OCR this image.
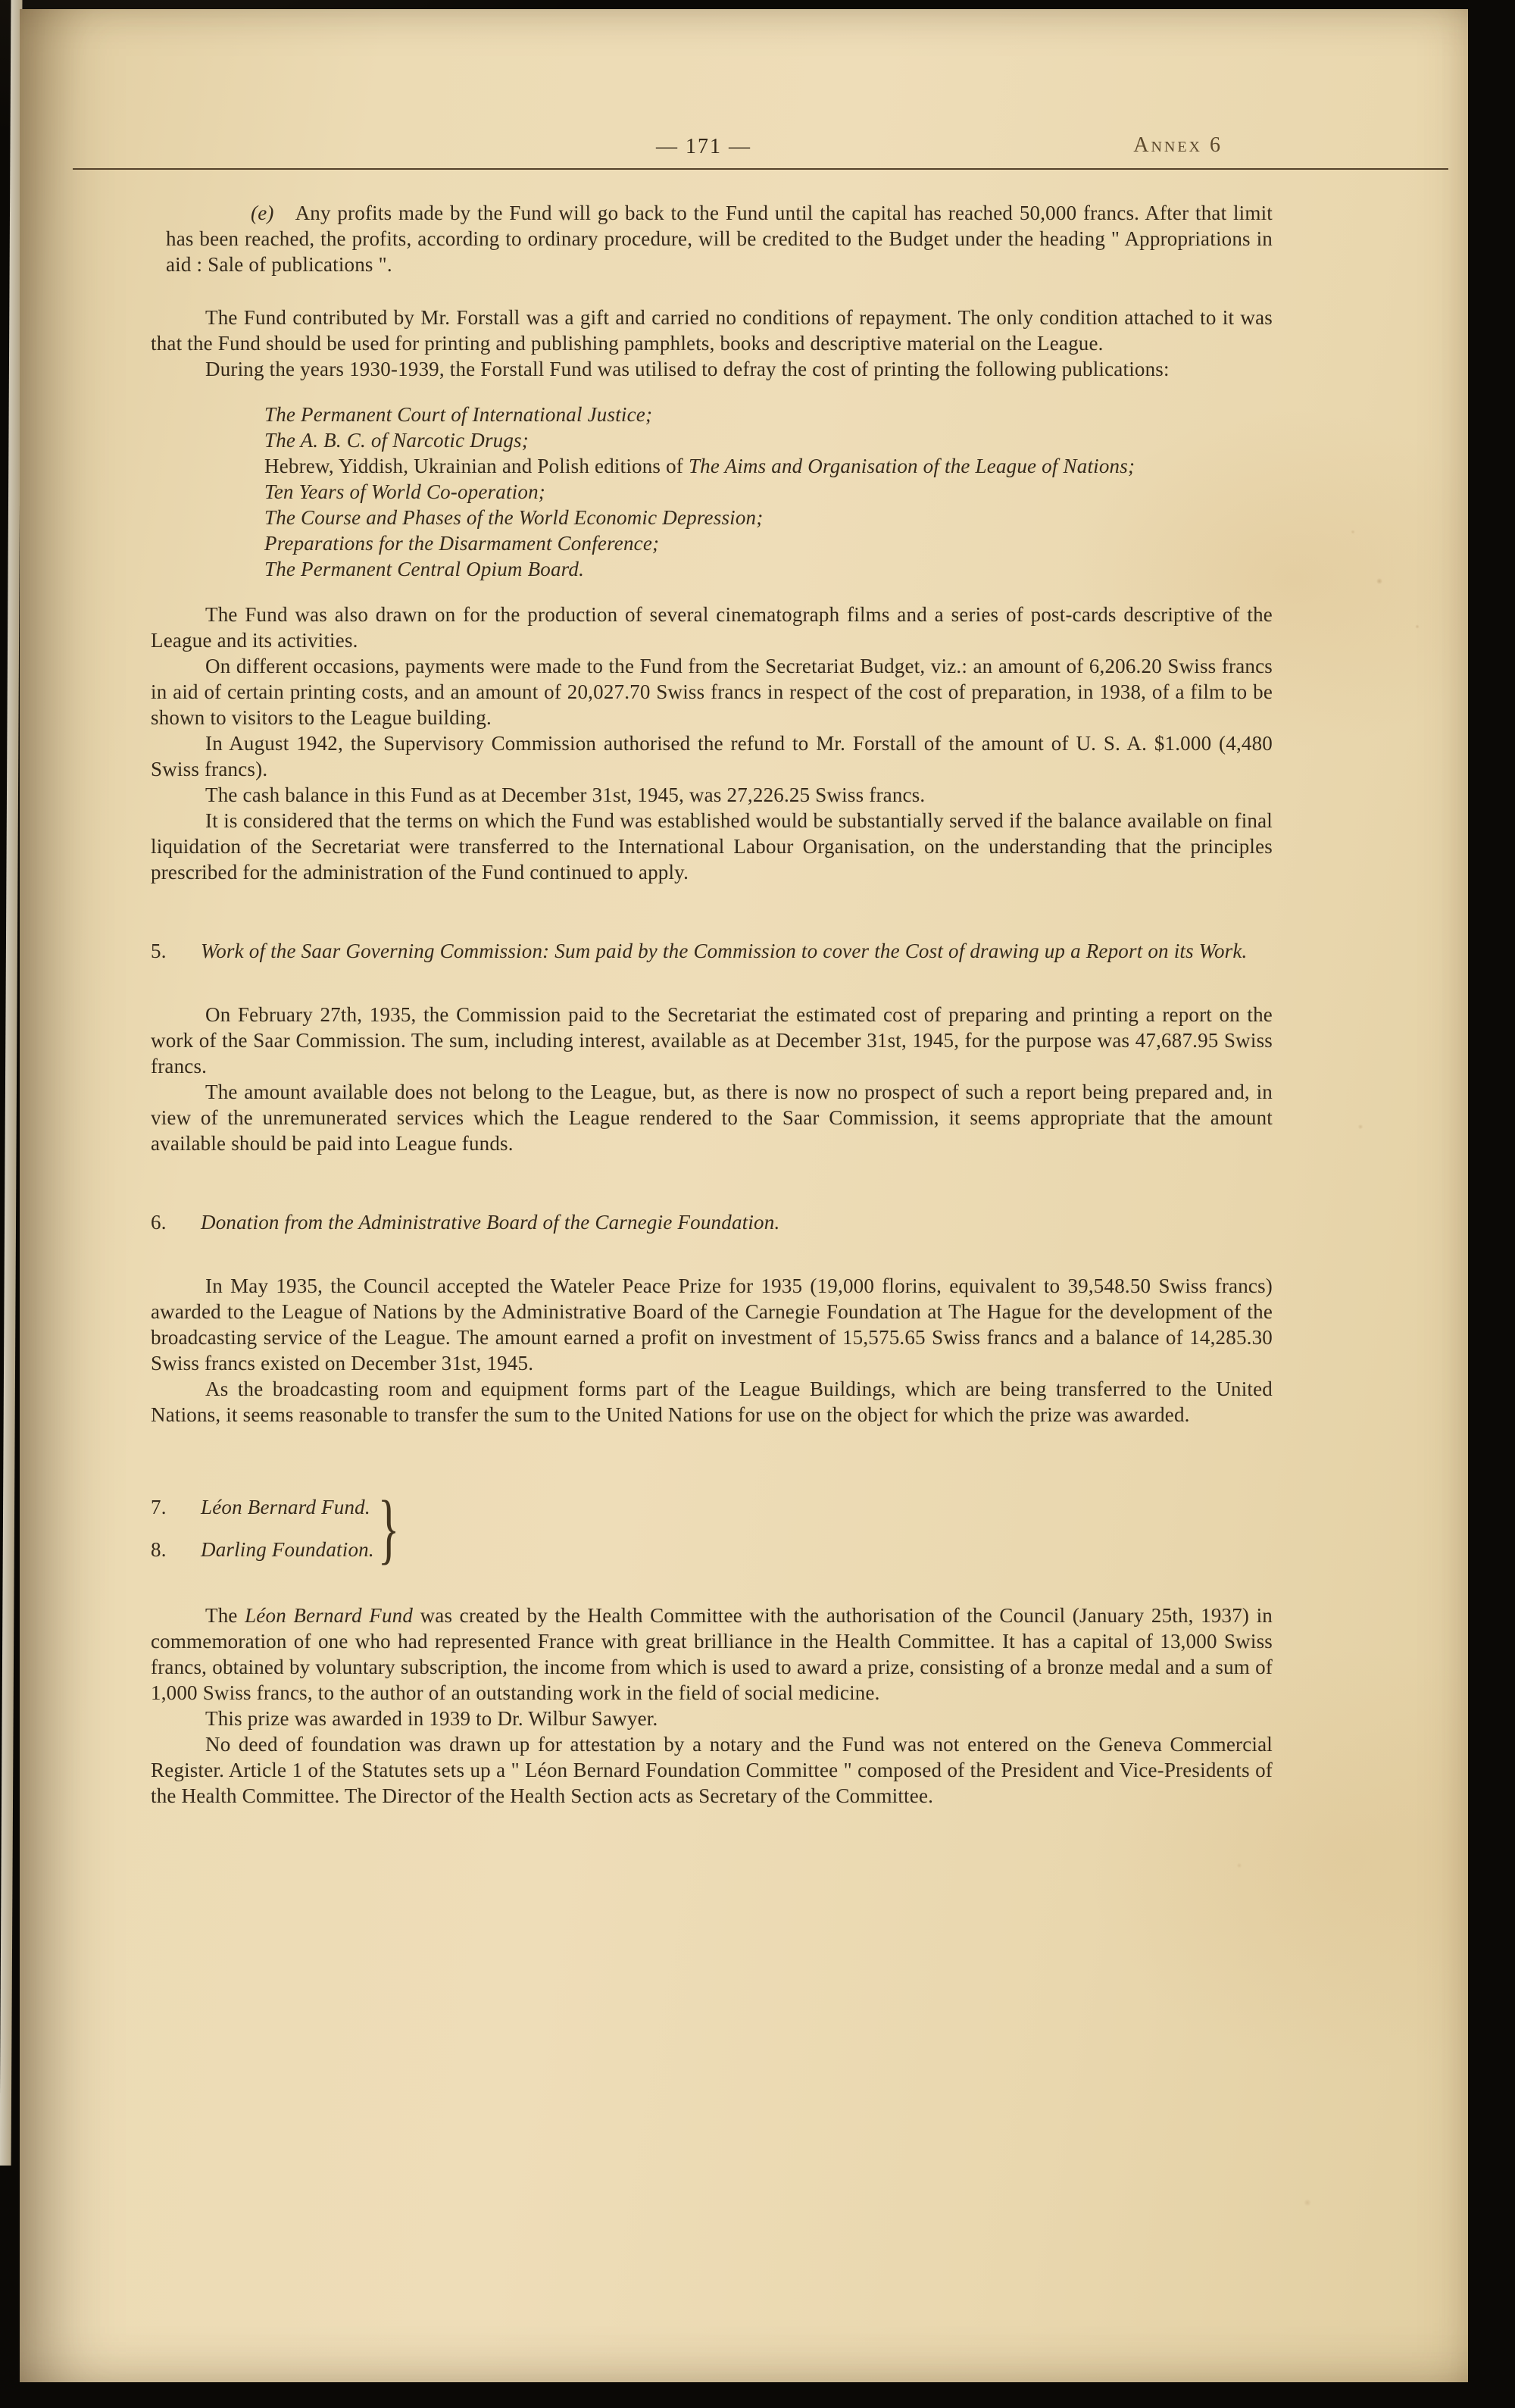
— 171 —	Annex 6

(e) Any profits made by the Fund will go back to the Fund until the capital has reached 50,000 francs. After that limit has been reached, the profits, according to ordinary procedure, will be credited to the Budget under the heading " Appropriations in aid : Sale of publications ".

The Fund contributed by Mr. Forstall was a gift and carried no conditions of repayment. The only condition attached to it was that the Fund should be used for printing and publishing pamphlets, books and descriptive material on the League.

During the years 1930-1939, the Forstall Fund was utilised to defray the cost of printing the following publications:

The Permanent Court of International Justice;
The A. B. C. of Narcotic Drugs;
Hebrew, Yiddish, Ukrainian and Polish editions of The Aims and Organisation of the League of Nations;
Ten Years of World Co-operation;
The Course and Phases of the World Economic Depression;
Preparations for the Disarmament Conference;
The Permanent Central Opium Board.

The Fund was also drawn on for the production of several cinematograph films and a series of post-cards descriptive of the League and its activities.

On different occasions, payments were made to the Fund from the Secretariat Budget, viz.: an amount of 6,206.20 Swiss francs in aid of certain printing costs, and an amount of 20,027.70 Swiss francs in respect of the cost of preparation, in 1938, of a film to be shown to visitors to the League building.

In August 1942, the Supervisory Commission authorised the refund to Mr. Forstall of the amount of U. S. A. $1.000 (4,480 Swiss francs).

The cash balance in this Fund as at December 31st, 1945, was 27,226.25 Swiss francs.

It is considered that the terms on which the Fund was established would be substantially served if the balance available on final liquidation of the Secretariat were transferred to the International Labour Organisation, on the understanding that the principles prescribed for the administration of the Fund continued to apply.

5. Work of the Saar Governing Commission: Sum paid by the Commission to cover the Cost of drawing up a Report on its Work.

On February 27th, 1935, the Commission paid to the Secretariat the estimated cost of preparing and printing a report on the work of the Saar Commission. The sum, including interest, available as at December 31st, 1945, for the purpose was 47,687.95 Swiss francs.

The amount available does not belong to the League, but, as there is now no prospect of such a report being prepared and, in view of the unremunerated services which the League rendered to the Saar Commission, it seems appropriate that the amount available should be paid into League funds.

6. Donation from the Administrative Board of the Carnegie Foundation.

In May 1935, the Council accepted the Wateler Peace Prize for 1935 (19,000 florins, equivalent to 39,548.50 Swiss francs) awarded to the League of Nations by the Administrative Board of the Carnegie Foundation at The Hague for the development of the broadcasting service of the League. The amount earned a profit on investment of 15,575.65 Swiss francs and a balance of 14,285.30 Swiss francs existed on December 31st, 1945.

As the broadcasting room and equipment forms part of the League Buildings, which are being transferred to the United Nations, it seems reasonable to transfer the sum to the United Nations for use on the object for which the prize was awarded.

7. Léon Bernard Fund.
8. Darling Foundation. }

The Léon Bernard Fund was created by the Health Committee with the authorisation of the Council (January 25th, 1937) in commemoration of one who had represented France with great brilliance in the Health Committee. It has a capital of 13,000 Swiss francs, obtained by voluntary subscription, the income from which is used to award a prize, consisting of a bronze medal and a sum of 1,000 Swiss francs, to the author of an outstanding work in the field of social medicine.

This prize was awarded in 1939 to Dr. Wilbur Sawyer.

No deed of foundation was drawn up for attestation by a notary and the Fund was not entered on the Geneva Commercial Register. Article 1 of the Statutes sets up a " Léon Bernard Foundation Committee " composed of the President and Vice-Presidents of the Health Committee. The Director of the Health Section acts as Secretary of the Committee.
